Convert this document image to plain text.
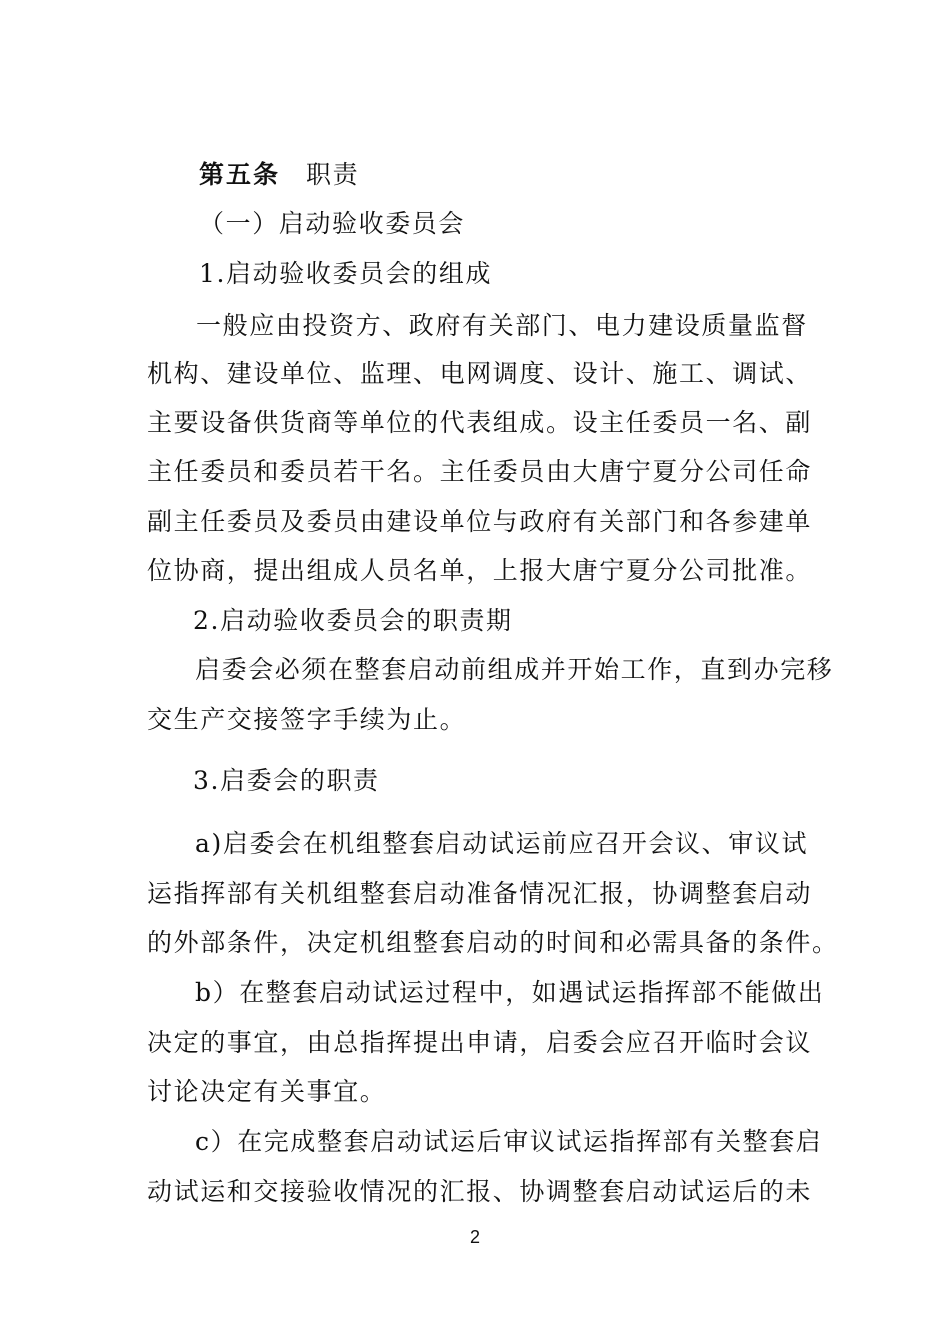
第五条 职责
（一）启动验收委员会
1.启动验收委员会的组成
一般应由投资方、政府有关部门、电力建设质量监督
机构、建设单位、监理、电网调度、设计、施工、调试、
主要设备供货商等单位的代表组成。设主任委员一名、副
主任委员和委员若干名。主任委员由大唐宁夏分公司任命
副主任委员及委员由建设单位与政府有关部门和各参建单
位协商，提出组成人员名单，上报大唐宁夏分公司批准。
2.启动验收委员会的职责期
启委会必须在整套启动前组成并开始工作，直到办完移
交生产交接签字手续为止。
3.启委会的职责
a)启委会在机组整套启动试运前应召开会议、审议试
运指挥部有关机组整套启动准备情况汇报，协调整套启动
的外部条件，决定机组整套启动的时间和必需具备的条件。
b）在整套启动试运过程中，如遇试运指挥部不能做出
决定的事宜，由总指挥提出申请，启委会应召开临时会议
讨论决定有关事宜。
c）在完成整套启动试运后审议试运指挥部有关整套启
动试运和交接验收情况的汇报、协调整套启动试运后的未
2
